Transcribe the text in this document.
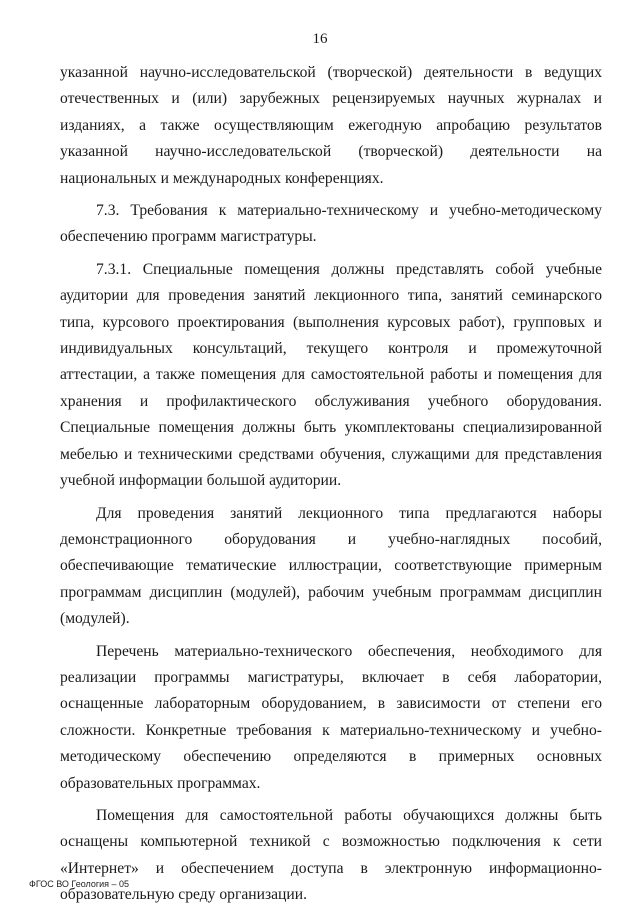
16

указанной научно-исследовательской (творческой) деятельности в ведущих отечественных и (или) зарубежных рецензируемых научных журналах и изданиях, а также осуществляющим ежегодную апробацию результатов указанной научно-исследовательской (творческой) деятельности на национальных и международных конференциях.

7.3. Требования к материально-техническому и учебно-методическому обеспечению программ магистратуры.

7.3.1. Специальные помещения должны представлять собой учебные аудитории для проведения занятий лекционного типа, занятий семинарского типа, курсового проектирования (выполнения курсовых работ), групповых и индивидуальных консультаций, текущего контроля и промежуточной аттестации, а также помещения для самостоятельной работы и помещения для хранения и профилактического обслуживания учебного оборудования. Специальные помещения должны быть укомплектованы специализированной мебелью и техническими средствами обучения, служащими для представления учебной информации большой аудитории.

Для проведения занятий лекционного типа предлагаются наборы демонстрационного оборудования и учебно-наглядных пособий, обеспечивающие тематические иллюстрации, соответствующие примерным программам дисциплин (модулей), рабочим учебным программам дисциплин (модулей).

Перечень материально-технического обеспечения, необходимого для реализации программы магистратуры, включает в себя лаборатории, оснащенные лабораторным оборудованием, в зависимости от степени его сложности. Конкретные требования к материально-техническому и учебно-методическому обеспечению определяются в примерных основных образовательных программах.

Помещения для самостоятельной работы обучающихся должны быть оснащены компьютерной техникой с возможностью подключения к сети «Интернет» и обеспечением доступа в электронную информационно-образовательную среду организации.

ФГОС ВО Геология – 05
